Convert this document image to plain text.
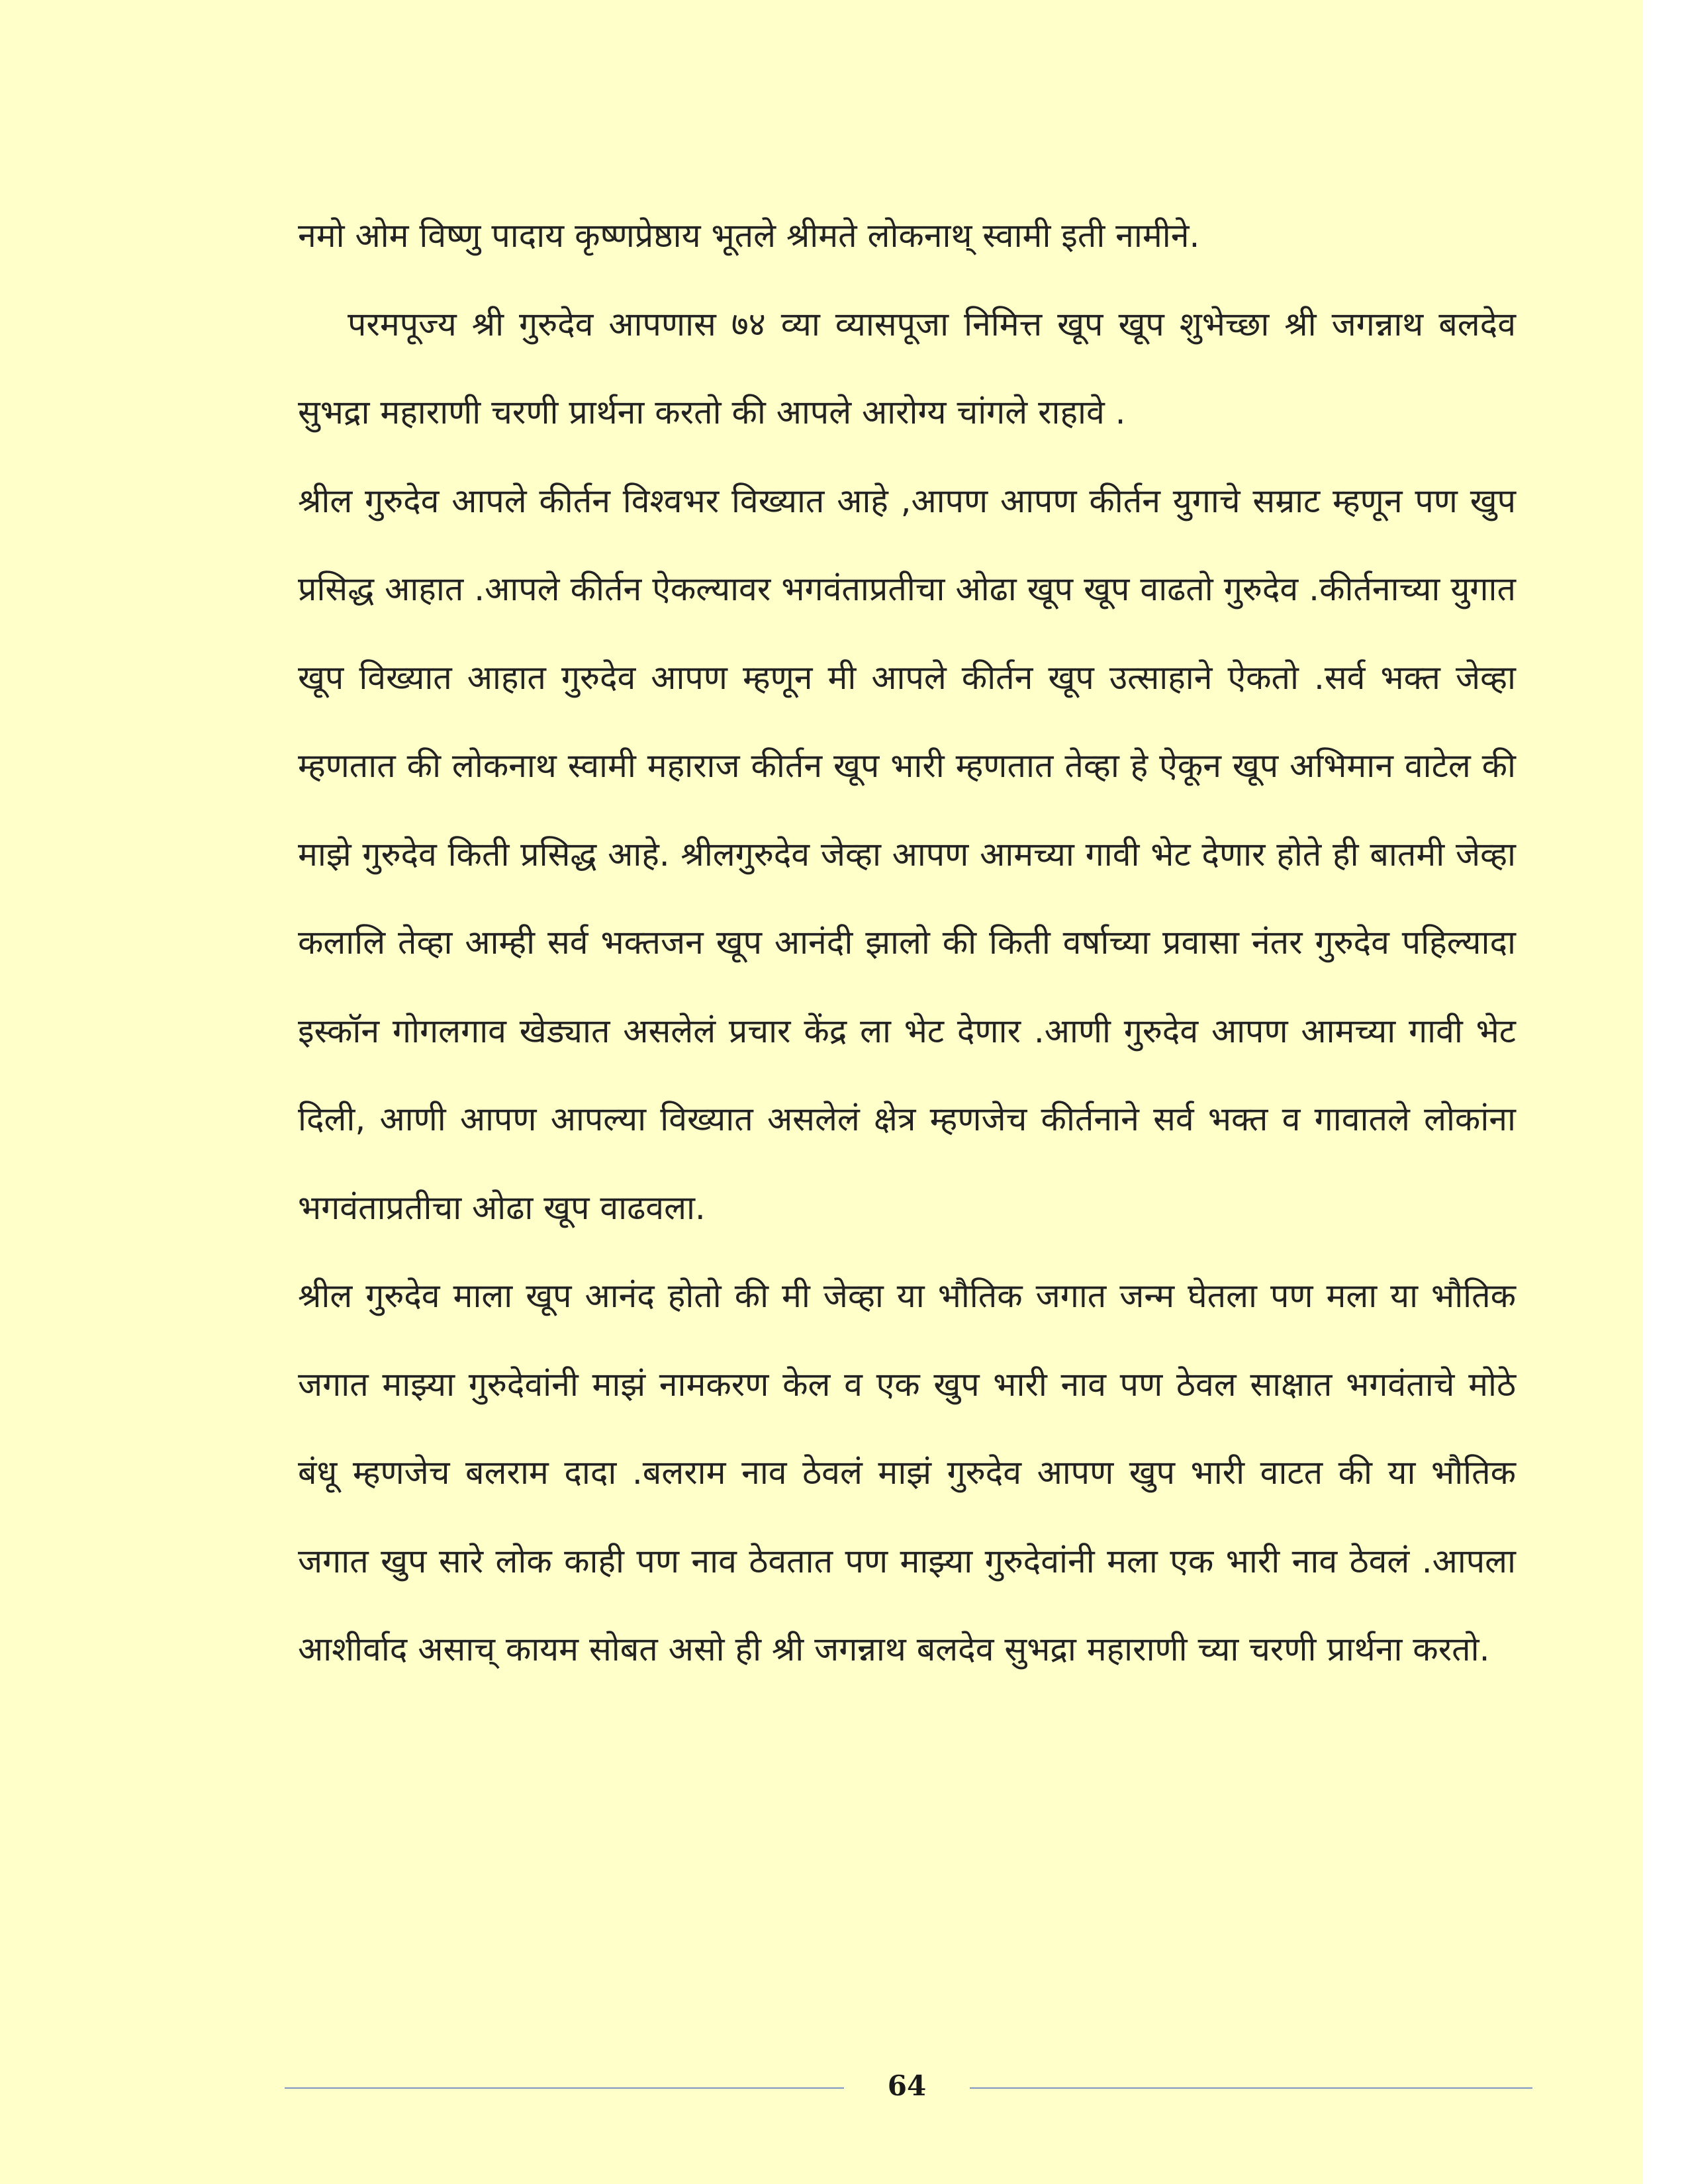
नमो ओम विष्णु पादाय कृष्णप्रेष्ठाय भूतले श्रीमते लोकनाथ् स्वामी इती नामीने.

परमपूज्य श्री गुरुदेव आपणास ७४ व्या व्यासपूजा निमित्त खूप खूप शुभेच्छा श्री जगन्नाथ बलदेव सुभद्रा महाराणी चरणी प्रार्थना करतो की आपले आरोग्य चांगले राहावे .

श्रील गुरुदेव आपले कीर्तन विश्वभर विख्यात आहे ,आपण आपण कीर्तन युगाचे सम्राट म्हणून पण खुप प्रसिद्ध आहात .आपले कीर्तन ऐकल्यावर भगवंताप्रतीचा ओढा खूप खूप वाढतो गुरुदेव .कीर्तनाच्या युगात खूप विख्यात आहात गुरुदेव आपण म्हणून मी आपले कीर्तन खूप उत्साहाने ऐकतो .सर्व भक्त जेव्हा म्हणतात की लोकनाथ स्वामी महाराज कीर्तन खूप भारी म्हणतात तेव्हा हे ऐकून खूप अभिमान वाटेल की माझे गुरुदेव किती प्रसिद्ध आहे. श्रीलगुरुदेव जेव्हा आपण आमच्या गावी भेट देणार होते ही बातमी जेव्हा कलालि तेव्हा आम्ही सर्व भक्तजन खूप आनंदी झालो की किती वर्षाच्या प्रवासा नंतर गुरुदेव पहिल्यादा इस्कॉन गोगलगाव खेड्यात असलेलं प्रचार केंद्र ला भेट देणार .आणी गुरुदेव आपण आमच्या गावी भेट दिली, आणी आपण आपल्या विख्यात असलेलं क्षेत्र म्हणजेच कीर्तनाने सर्व भक्त व गावातले लोकांना भगवंताप्रतीचा ओढा खूप वाढवला.

श्रील गुरुदेव माला खूप आनंद होतो की मी जेव्हा या भौतिक जगात जन्म घेतला पण मला या भौतिक जगात माझ्या गुरुदेवांनी माझं नामकरण केल व एक खुप भारी नाव पण ठेवल साक्षात भगवंताचे मोठे बंधू म्हणजेच बलराम दादा .बलराम नाव ठेवलं माझं गुरुदेव आपण खुप भारी वाटत की या भौतिक जगात खुप सारे लोक काही पण नाव ठेवतात पण माझ्या गुरुदेवांनी मला एक भारी नाव ठेवलं .आपला आशीर्वाद असाच् कायम सोबत असो ही श्री जगन्नाथ बलदेव सुभद्रा महाराणी च्या चरणी प्रार्थना करतो.

64
